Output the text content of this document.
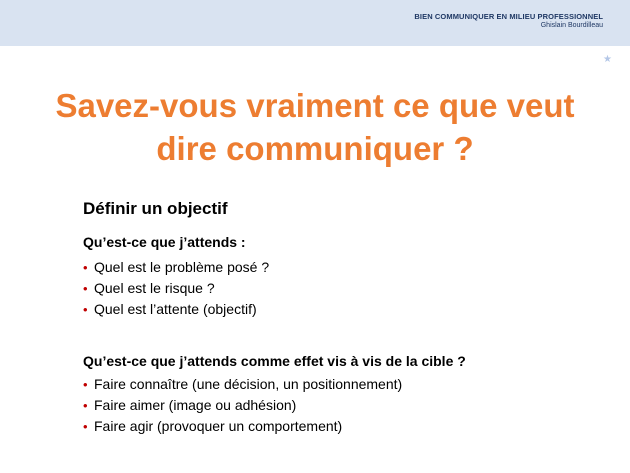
BIEN COMMUNIQUER EN MILIEU PROFESSIONNEL
Ghislain Bourdilleau
★
Savez-vous vraiment ce que veut
dire communiquer ?
Définir un objectif
Qu’est-ce que j’attends :
• Quel est le problème posé ?
• Quel est le risque ?
• Quel est l’attente (objectif)
Qu’est-ce que j’attends comme effet vis à vis de la cible ?
• Faire connaître (une décision, un positionnement)
• Faire aimer (image ou adhésion)
• Faire agir (provoquer un comportement)
